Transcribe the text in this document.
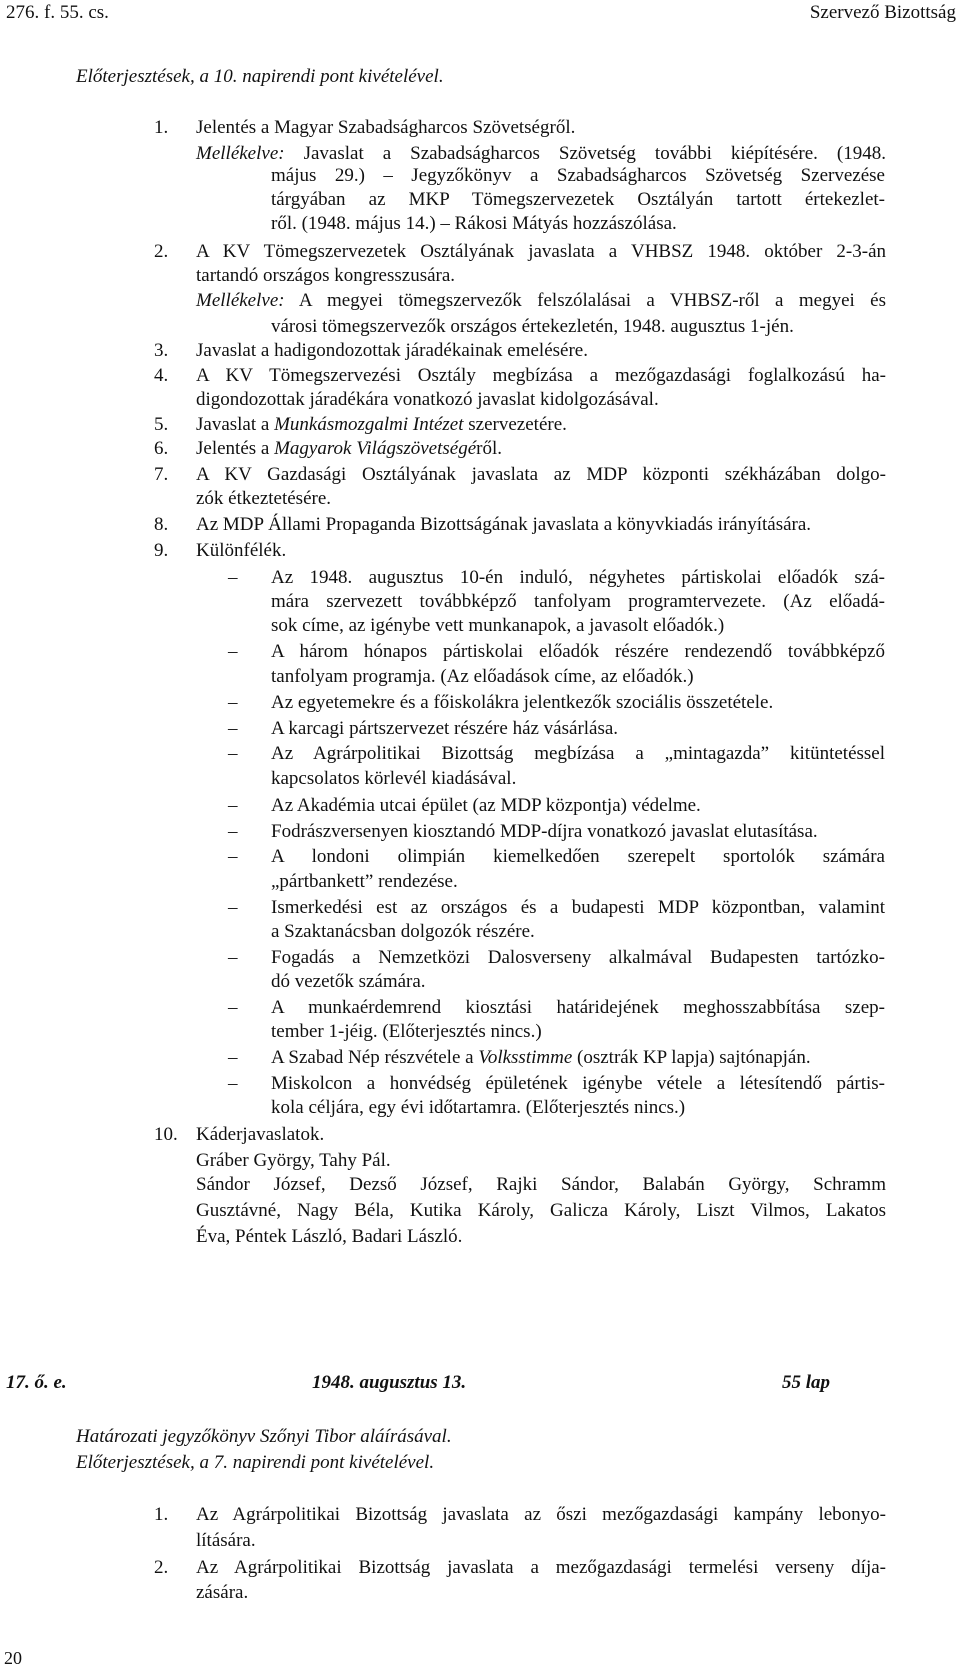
276. f. 55. cs.	Szervező Bizottság
Előterjesztések, a 10. napirendi pont kivételével.
1. Jelentés a Magyar Szabadságharcos Szövetségről.
Mellékelve: Javaslat a Szabadságharcos Szövetség további kiépítésére. (1948.
május 29.) – Jegyzőkönyv a Szabadságharcos Szövetség Szervezése
tárgyában az MKP Tömegszervezetek Osztályán tartott értekezlet-
ről. (1948. május 14.) – Rákosi Mátyás hozzászólása.
2. A KV Tömegszervezetek Osztályának javaslata a VHBSZ 1948. október 2-3-án
tartandó országos kongresszusára.
Mellékelve: A megyei tömegszervezők felszólalásai a VHBSZ-ről a megyei és
városi tömegszervezők országos értekezletén, 1948. augusztus 1-jén.
3. Javaslat a hadigondozottak járadékainak emelésére.
4. A KV Tömegszervezési Osztály megbízása a mezőgazdasági foglalkozású ha-
digondozottak járadékára vonatkozó javaslat kidolgozásával.
5. Javaslat a Munkásmozgalmi Intézet szervezetére.
6. Jelentés a Magyarok Világszövetségéről.
7. A KV Gazdasági Osztályának javaslata az MDP központi székházában dolgo-
zók étkeztetésére.
8. Az MDP Állami Propaganda Bizottságának javaslata a könyvkiadás irányítására.
9. Különfélék.
– Az 1948. augusztus 10-én induló, négyhetes pártiskolai előadók szá-
mára szervezett továbbképző tanfolyam programtervezete. (Az előadá-
sok címe, az igénybe vett munkanapok, a javasolt előadók.)
– A három hónapos pártiskolai előadók részére rendezendő továbbképző
tanfolyam programja. (Az előadások címe, az előadók.)
– Az egyetemekre és a főiskolákra jelentkezők szociális összetétele.
– A karcagi pártszervezet részére ház vásárlása.
– Az Agrárpolitikai Bizottság megbízása a „mintagazda” kitüntetéssel
kapcsolatos körlevél kiadásával.
– Az Akadémia utcai épület (az MDP központja) védelme.
– Fodrászversenyen kiosztandó MDP-díjra vonatkozó javaslat elutasítása.
– A londoni olimpián kiemelkedően szerepelt sportolók számára
„pártbankett” rendezése.
– Ismerkedési est az országos és a budapesti MDP központban, valamint
a Szaktanácsban dolgozók részére.
– Fogadás a Nemzetközi Dalosverseny alkalmával Budapesten tartózko-
dó vezetők számára.
– A munkaérdemrend kiosztási határidejének meghosszabbítása szep-
tember 1-jéig. (Előterjesztés nincs.)
– A Szabad Nép részvétele a Volksstimme (osztrák KP lapja) sajtónapján.
– Miskolcon a honvédség épületének igénybe vétele a létesítendő pártis-
kola céljára, egy évi időtartamra. (Előterjesztés nincs.)
10. Káderjavaslatok.
Gráber György, Tahy Pál.
Sándor József, Dezső József, Rajki Sándor, Balabán György, Schramm
Gusztávné, Nagy Béla, Kutika Károly, Galicza Károly, Liszt Vilmos, Lakatos
Éva, Péntek László, Badari László.
1. Az Agrárpolitikai Bizottság javaslata az őszi mezőgazdasági kampány lebonyo-
lítására.
2. Az Agrárpolitikai Bizottság javaslata a mezőgazdasági termelési verseny díja-
zására.
17. ő. e.	1948. augusztus 13.	55 lap
Határozati jegyzőkönyv Szőnyi Tibor aláírásával.
Előterjesztések, a 7. napirendi pont kivételével.
20
